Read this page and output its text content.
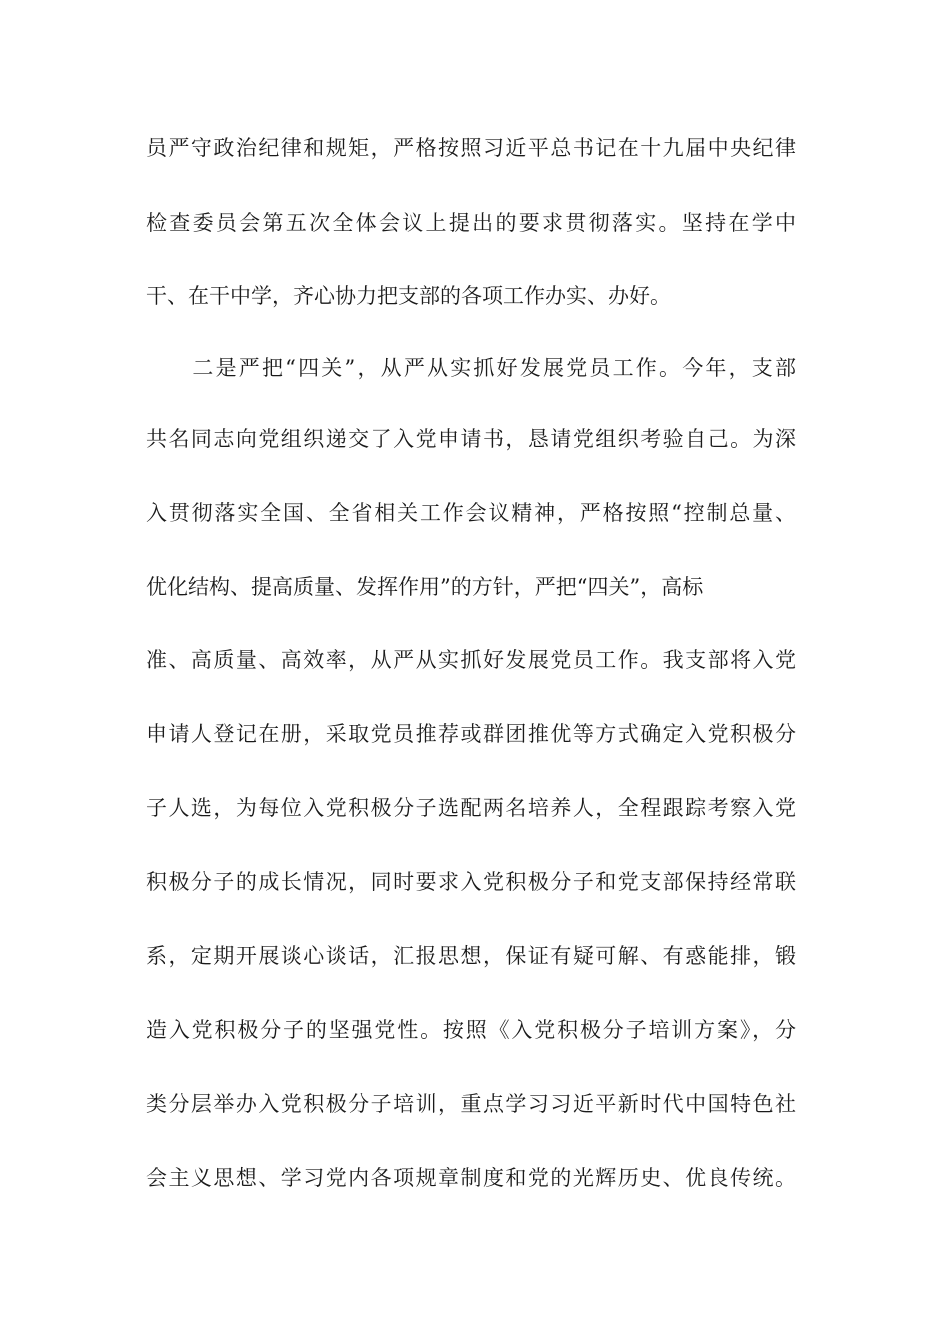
员严守政治纪律和规矩，严格按照习近平总书记在十九届中央纪律
检查委员会第五次全体会议上提出的要求贯彻落实。坚持在学中
干、在干中学，齐心协力把支部的各项工作办实、办好。
　　二是严把“四关”，从严从实抓好发展党员工作。今年，支部
共名同志向党组织递交了入党申请书，恳请党组织考验自己。为深
入贯彻落实全国、全省相关工作会议精神，严格按照“控制总量、
优化结构、提高质量、发挥作用”的方针，严把“四关”，高标
准、高质量、高效率，从严从实抓好发展党员工作。我支部将入党
申请人登记在册，采取党员推荐或群团推优等方式确定入党积极分
子人选，为每位入党积极分子选配两名培养人，全程跟踪考察入党
积极分子的成长情况，同时要求入党积极分子和党支部保持经常联
系，定期开展谈心谈话，汇报思想，保证有疑可解、有惑能排，锻
造入党积极分子的坚强党性。按照《入党积极分子培训方案》，分
类分层举办入党积极分子培训，重点学习习近平新时代中国特色社
会主义思想、学习党内各项规章制度和党的光辉历史、优良传统。
